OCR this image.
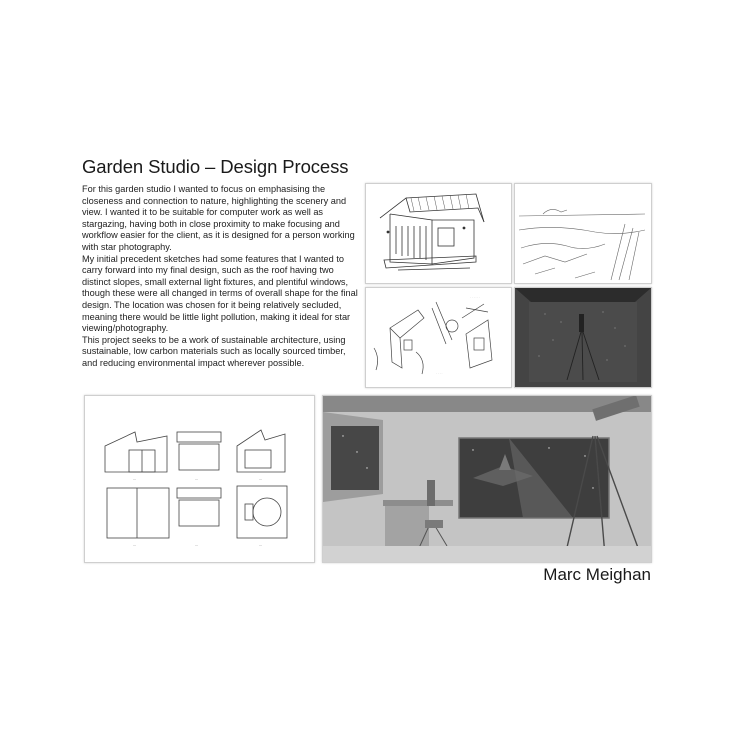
Garden Studio – Design Process

For this garden studio I wanted to focus on emphasising the closeness and connection to nature, highlighting the scenery and view. I wanted it to be suitable for computer work as well as stargazing, having both in close proximity to make focusing and workflow easier for the client, as it is designed for a person working with star photography.

My initial precedent sketches had some features that I wanted to carry forward into my final design, such as the roof having two distinct slopes, small external light fixtures, and plentiful windows, though these were all changed in terms of overall shape for the final design. The location was chosen for it being relatively secluded, meaning there would be little light pollution, making it ideal for star viewing/photography.

This project seeks to be a work of sustainable architecture, using sustainable, low carbon materials such as locally sourced timber, and reducing environmental impact wherever possible.

· · · · · ·
· · · ·
—	—	—
—	—	—
Marc Meighan
